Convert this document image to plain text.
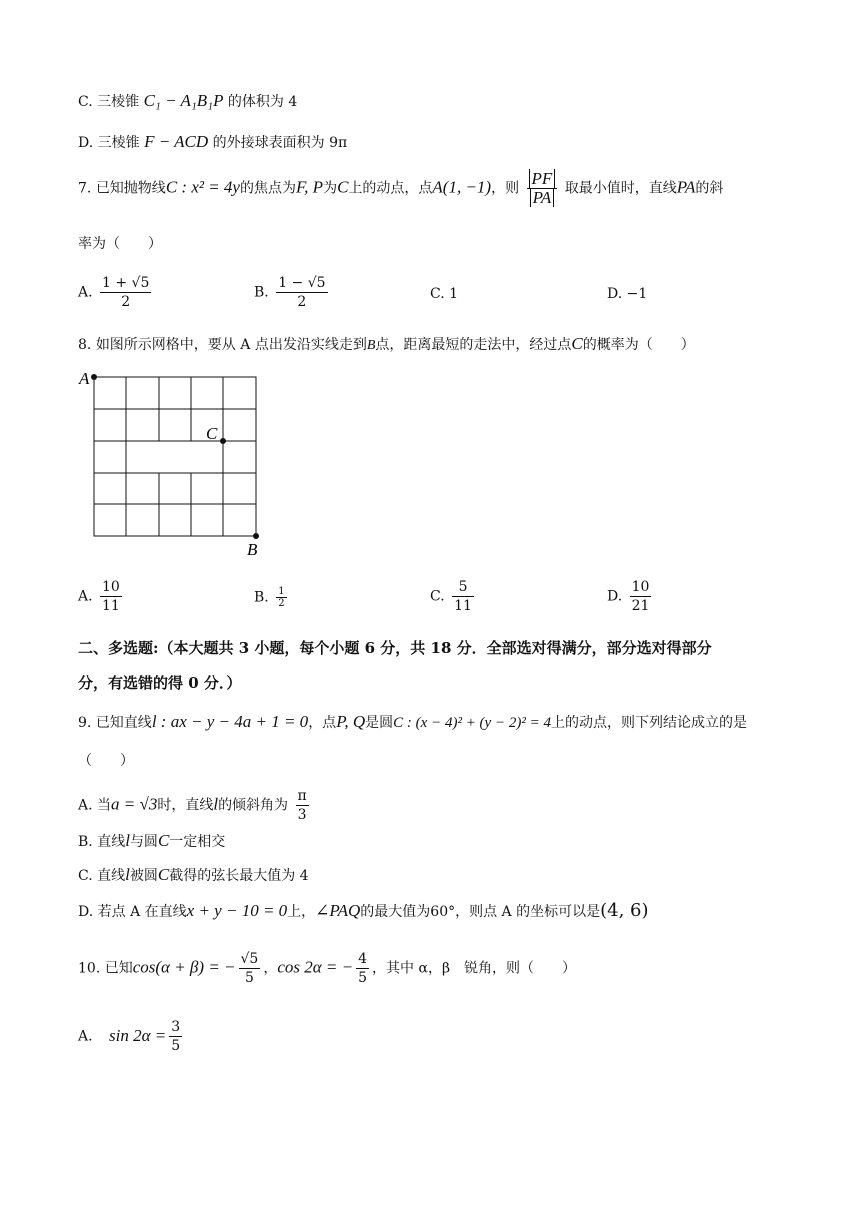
C. 三棱锥 C₁ − A₁B₁P 的体积为 4
D. 三棱锥 F − ACD 的外接球表面积为 9π
7. 已知抛物线C : x² = 4y的焦点为F, P为C上的动点，点A(1, −1)，则 $\frac{PF}{PA}$ 取最小值时，直线PA的斜
率为（　　）
A. $\frac{1 + √5}{2}$	B. $\frac{1 - √5}{2}$	C. 1	D. −1
8. 如图所示网格中，要从 A 点出发沿实线走到B点，距离最短的走法中，经过点C的概率为（　　）
A
C
B
A. $\frac{10}{11}$	B. $\frac{1}{2}$	C. $\frac{5}{11}$	D. $\frac{10}{21}$
二、多选题:（本大题共 3 小题，每个小题 6 分，共 18 分．全部选对得满分，部分选对得部分
分，有选错的得 0 分．）
9. 已知直线l : ax − y − 4a + 1 = 0，点P, Q是圆C : (x − 4)² + (y − 2)² = 4上的动点，则下列结论成立的是
（　　）
A. 当a = √3时，直线l的倾斜角为 $\frac{\pi}{3}$
B. 直线l与圆C一定相交
C. 直线l被圆C截得的弦长最大值为 4
D. 若点 A 在直线x + y − 10 = 0上，∠PAQ的最大值为60°，则点 A 的坐标可以是(4, 6)
10. 已知cos(α + β) = − $\frac{√5}{5}$ ，cos 2α = − $\frac{4}{5}$ ，其中 α，β　锐角，则（　　）
A. $\sin 2\alpha = \frac{3}{5}$
